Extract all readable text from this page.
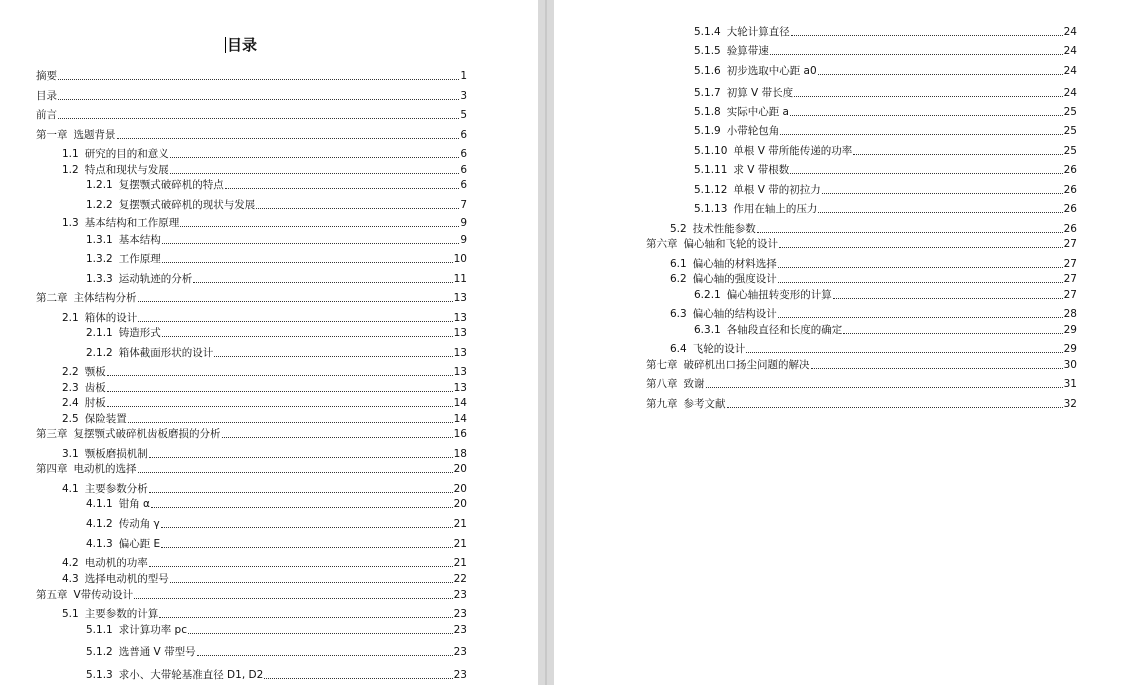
目录
摘要	1
目录	3
前言	5
第一章 选题背景	6
1.1 研究的目的和意义	6
1.2 特点和现状与发展	6
1.2.1 复摆颚式破碎机的特点	6
1.2.2 复摆颚式破碎机的现状与发展	7
1.3 基本结构和工作原理	9
1.3.1 基本结构	9
1.3.2 工作原理	10
1.3.3 运动轨迹的分析	11
第二章 主体结构分析	13
2.1 箱体的设计	13
2.1.1 铸造形式	13
2.1.2 箱体截面形状的设计	13
2.2 颚板	13
2.3 齿板	13
2.4 肘板	14
2.5 保险装置	14
第三章 复摆颚式破碎机齿板磨损的分析	16
3.1 颚板磨损机制	18
第四章 电动机的选择	20
4.1 主要参数分析	20
4.1.1 钳角 α	20
4.1.2 传动角 γ	21
4.1.3 偏心距 E	21
4.2 电动机的功率	21
4.3 选择电动机的型号	22
第五章 V带传动设计	23
5.1 主要参数的计算	23
5.1.1 求计算功率 pc	23
5.1.2 选普通 V 带型号	23
5.1.3 求小、大带轮基准直径 D1, D2	23
5.1.4 大轮计算直径	24
5.1.5 验算带速	24
5.1.6 初步选取中心距 a0	24
5.1.7 初算 V 带长度	24
5.1.8 实际中心距 a	25
5.1.9 小带轮包角	25
5.1.10 单根 V 带所能传递的功率	25
5.1.11 求 V 带根数	26
5.1.12 单根 V 带的初拉力	26
5.1.13 作用在轴上的压力	26
5.2 技术性能参数	26
第六章 偏心轴和飞轮的设计	27
6.1 偏心轴的材料选择	27
6.2 偏心轴的强度设计	27
6.2.1 偏心轴扭转变形的计算	27
6.3 偏心轴的结构设计	28
6.3.1 各轴段直径和长度的确定	29
6.4 飞轮的设计	29
第七章 破碎机出口扬尘问题的解决	30
第八章 致谢	31
第九章 参考文献	32
